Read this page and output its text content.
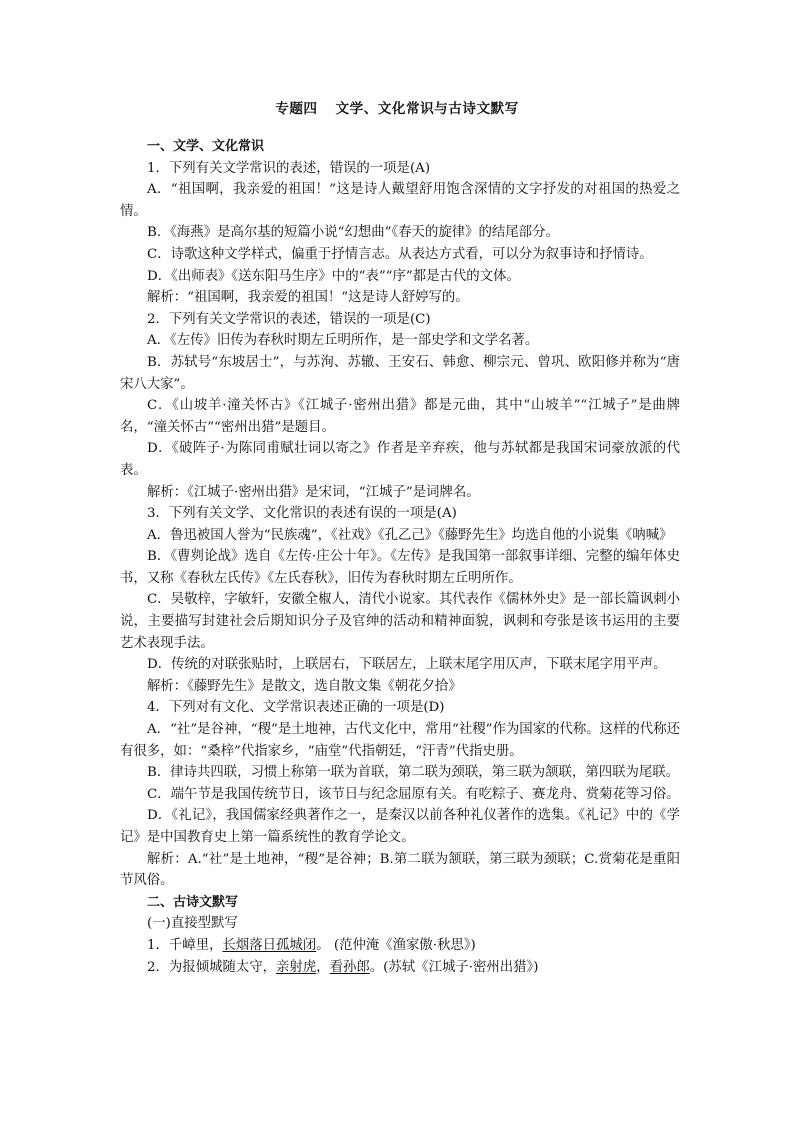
专题四 文学、文化常识与古诗文默写

一、文学、文化常识

1．下列有关文学常识的表述，错误的一项是(A)

A．“祖国啊，我亲爱的祖国！”这是诗人戴望舒用饱含深情的文字抒发的对祖国的热爱之情。

B．《海燕》是高尔基的短篇小说“幻想曲”《春天的旋律》的结尾部分。

C．诗歌这种文学样式，偏重于抒情言志。从表达方式看，可以分为叙事诗和抒情诗。

D．《出师表》《送东阳马生序》中的“表”“序”都是古代的文体。

解析：“祖国啊，我亲爱的祖国！”这是诗人舒婷写的。

2．下列有关文学常识的表述，错误的一项是(C)

A．《左传》旧传为春秋时期左丘明所作，是一部史学和文学名著。

B．苏轼号“东坡居士”，与苏洵、苏辙、王安石、韩愈、柳宗元、曾巩、欧阳修并称为“唐宋八大家”。

C．《山坡羊·潼关怀古》《江城子·密州出猎》都是元曲，其中“山坡羊”“江城子”是曲牌名，“潼关怀古”“密州出猎”是题目。

D．《破阵子·为陈同甫赋壮词以寄之》作者是辛弃疾，他与苏轼都是我国宋词豪放派的代表。

解析：《江城子·密州出猎》是宋词，“江城子”是词牌名。

3．下列有关文学、文化常识的表述有误的一项是(A)

A．鲁迅被国人誉为“民族魂”，《社戏》《孔乙己》《藤野先生》均选自他的小说集《呐喊》

B．《曹刿论战》选自《左传·庄公十年》。《左传》是我国第一部叙事详细、完整的编年体史书，又称《春秋左氏传》《左氏春秋》，旧传为春秋时期左丘明所作。

C．吴敬梓，字敏轩，安徽全椒人，清代小说家。其代表作《儒林外史》是一部长篇讽刺小说，主要描写封建社会后期知识分子及官绅的活动和精神面貌，讽刺和夸张是该书运用的主要艺术表现手法。

D．传统的对联张贴时，上联居右，下联居左，上联末尾字用仄声，下联末尾字用平声。

解析：《藤野先生》是散文，选自散文集《朝花夕拾》

4．下列对有文化、文学常识表述正确的一项是(D)

A．“社”是谷神，“稷”是土地神，古代文化中，常用“社稷”作为国家的代称。这样的代称还有很多，如：“桑梓”代指家乡，“庙堂”代指朝廷，“汗青”代指史册。

B．律诗共四联，习惯上称第一联为首联，第二联为颈联，第三联为颔联，第四联为尾联。

C．端午节是我国传统节日，该节日与纪念屈原有关。有吃粽子、赛龙舟、赏菊花等习俗。

D．《礼记》，我国儒家经典著作之一，是秦汉以前各种礼仪著作的选集。《礼记》中的《学记》是中国教育史上第一篇系统性的教育学论文。

解析：A.“社”是土地神，“稷”是谷神；B.第二联为颔联，第三联为颈联；C.赏菊花是重阳节风俗。

二、古诗文默写

(一)直接型默写

1．千嶂里，长烟落日孤城闭。 (范仲淹《渔家傲·秋思》)

2．为报倾城随太守，亲射虎，看孙郎。(苏轼《江城子·密州出猎》)
